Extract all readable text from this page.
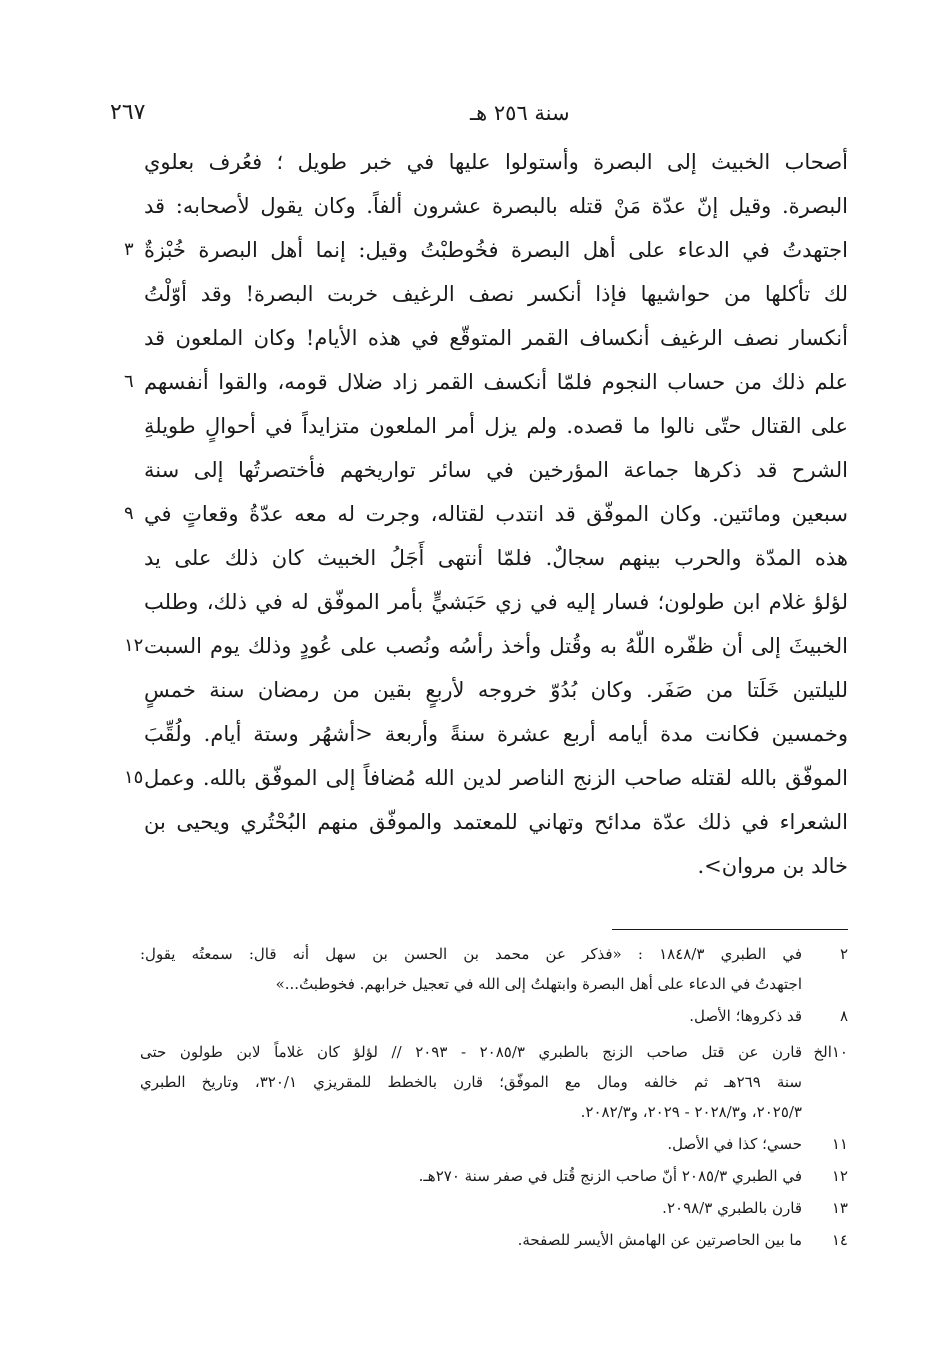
٢٦٧	سنة ٢٥٦ هـ
أصحاب الخبيث إلى البصرة وأستولوا عليها في خبر طويل ؛ فعُرف بعلوي
البصرة. وقيل إنّ عدّة مَنْ قتله بالبصرة عشرون ألفاً. وكان يقول لأصحابه: قد
٣ اجتهدتُ في الدعاء على أهل البصرة فخُوطبْتُ وقيل: إنما أهل البصرة خُبْزةٌ
لك تأكلها من حواشيها فإذا أنكسر نصف الرغيف خربت البصرة! وقد أوّلْتُ
أنكسار نصف الرغيف أنكساف القمر المتوقّع في هذه الأيام! وكان الملعون قد
٦ علم ذلك من حساب النجوم فلمّا أنكسف القمر زاد ضلال قومه، والقوا أنفسهم
على القتال حتّى نالوا ما قصده. ولم يزل أمر الملعون متزايداً في أحوالٍ طويلةِ
الشرح قد ذكرها جماعة المؤرخين في سائر تواريخهم فأختصرتُها إلى سنة
٩ سبعين ومائتين. وكان الموفّق قد انتدب لقتاله، وجرت له معه عدّةُ وقعاتٍ في
هذه المدّة والحرب بينهم سجالٌ. فلمّا أنتهى أَجَلُ الخبيث كان ذلك على يد
لؤلؤ غلام ابن طولون؛ فسار إليه في زي حَبَشيٍّ بأمر الموفّق له في ذلك، وطلب
١٢ الخبيثَ إلى أن ظفّره اللّهُ به وقُتل وأخذ رأسُه ونُصب على عُودٍ وذلك يوم السبت
لليلتين خَلَتا من صَفَر. وكان بُدُوّ خروجه لأربعٍ بقين من رمضان سنة خمسٍ
وخمسين فكانت مدة أيامه أربع عشرة سنةً وأربعة <أشهُر وستة أيام. ولُقِّبَ
١٥ الموفّق بالله لقتله صاحب الزنج الناصر لدين الله مُضافاً إلى الموفّق بالله. وعمل
الشعراء في ذلك عدّة مدائح وتهاني للمعتمد والموفّق منهم البُحْتُري ويحيى بن
خالد بن مروان>.
٢
في الطبري ١٨٤٨/٣ : «فذكر عن محمد بن الحسن بن سهل أنه قال: سمعتُه يقول:
اجتهدتُ في الدعاء على أهل البصرة وابتهلتُ إلى الله في تعجيل خرابهم. فخوطبتُ...»
٨
قد ذكروها؛ الأصل.
١٠الخ
قارن عن قتل صاحب الزنج بالطبري ٢٠٨٥/٣ - ٢٠٩٣ // لؤلؤ كان غلاماً لابن طولون حتى
سنة ٢٦٩هـ ثم خالفه ومال مع الموفّق؛ قارن بالخطط للمقريزي ٣٢٠/١، وتاريخ الطبري
٢٠٢٥/٣، و٢٠٢٨/٣ - ٢٠٢٩، و٢٠٨٢/٣.
١١
حسي؛ كذا في الأصل.
١٢
في الطبري ٢٠٨٥/٣ أنّ صاحب الزنج قُتل في صفر سنة ٢٧٠هـ.
١٣
قارن بالطبري ٢٠٩٨/٣.
١٤
ما بين الحاصرتين عن الهامش الأيسر للصفحة.
